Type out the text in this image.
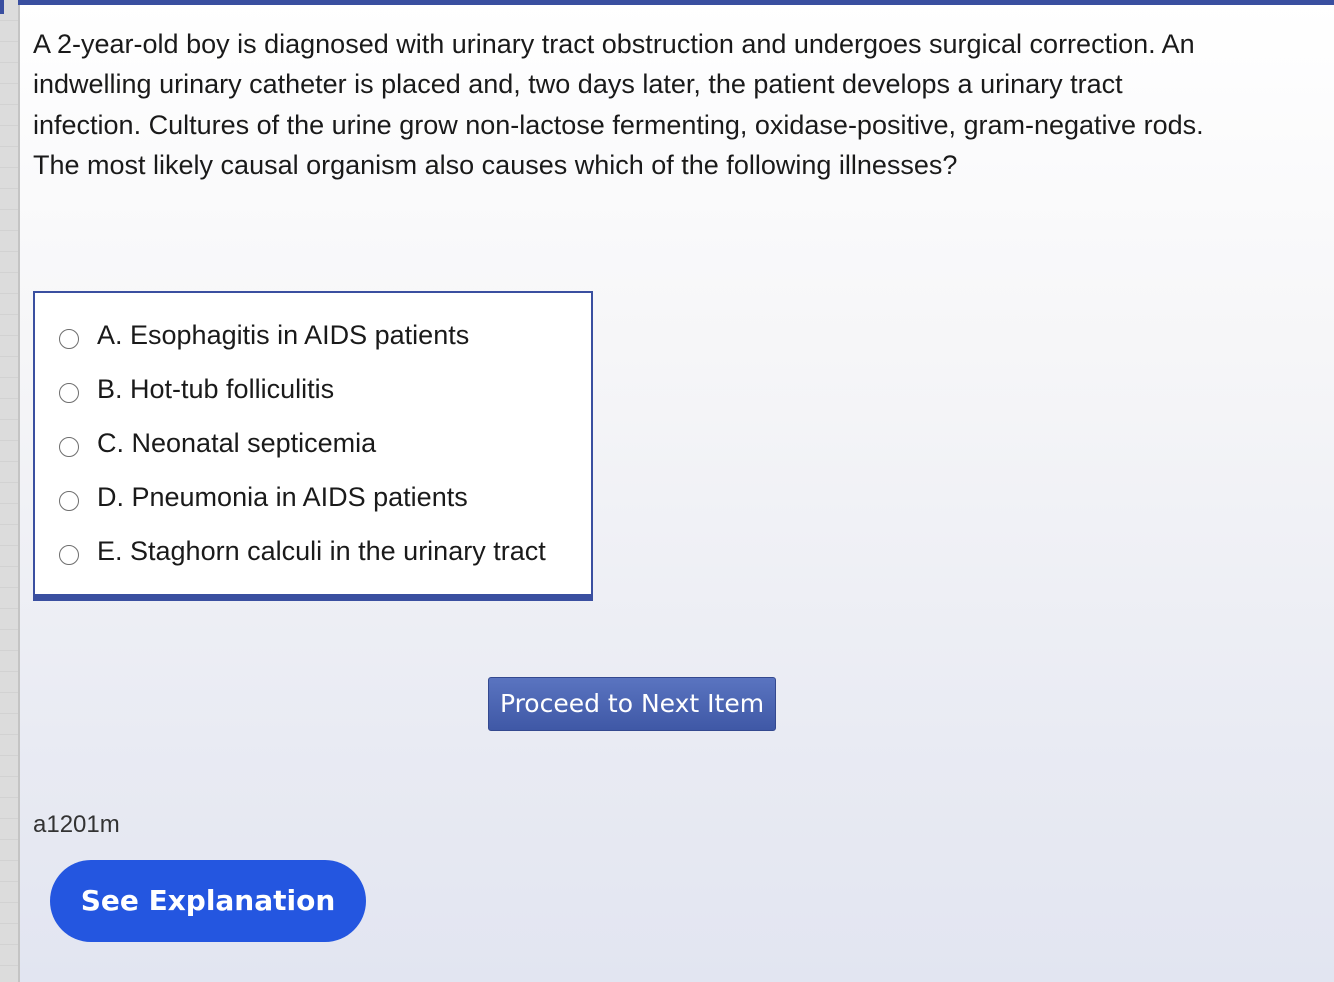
A 2-year-old boy is diagnosed with urinary tract obstruction and undergoes surgical correction. An indwelling urinary catheter is placed and, two days later, the patient develops a urinary tract infection. Cultures of the urine grow non-lactose fermenting, oxidase-positive, gram-negative rods. The most likely causal organism also causes which of the following illnesses?

A. Esophagitis in AIDS patients
B. Hot-tub folliculitis
C. Neonatal septicemia
D. Pneumonia in AIDS patients
E. Staghorn calculi in the urinary tract
Proceed to Next Item
a1201m
See Explanation
